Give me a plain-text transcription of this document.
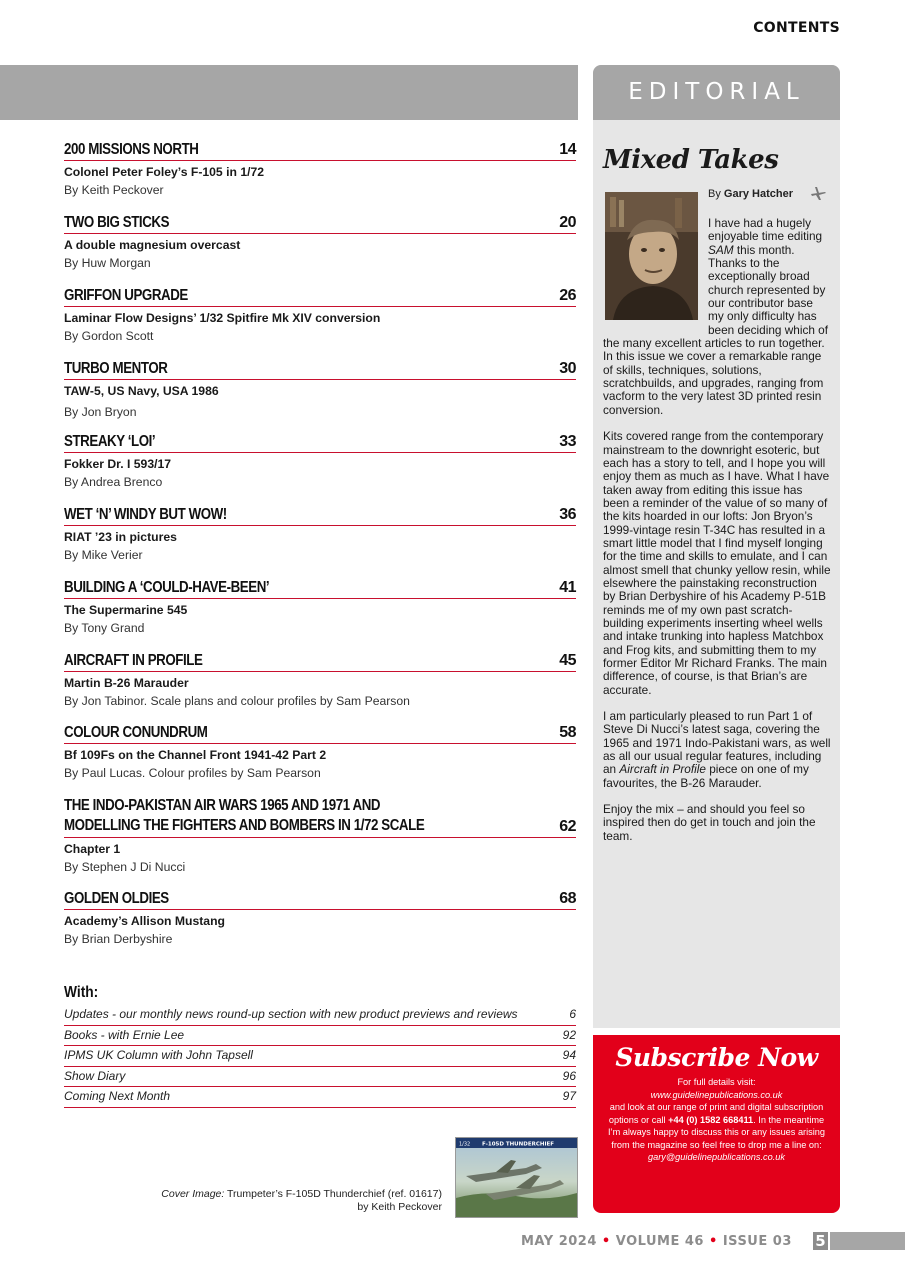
CONTENTS
200 MISSIONS NORTH	14
Colonel Peter Foley’s F-105 in 1/72
By Keith Peckover
TWO BIG STICKS	20
A double magnesium overcast
By Huw Morgan
GRIFFON UPGRADE	26
Laminar Flow Designs’ 1/32 Spitfire Mk XIV conversion
By Gordon Scott
TURBO MENTOR	30
TAW-5, US Navy, USA 1986
By Jon Bryon
STREAKY ‘LOI’	33
Fokker Dr. I 593/17
By Andrea Brenco
WET ‘N’ WINDY BUT WOW!	36
RIAT ’23 in pictures
By Mike Verier
BUILDING A ‘COULD-HAVE-BEEN’	41
The Supermarine 545
By Tony Grand
AIRCRAFT IN PROFILE	45
Martin B-26 Marauder
By Jon Tabinor. Scale plans and colour profiles by Sam Pearson
COLOUR CONUNDRUM	58
Bf 109Fs on the Channel Front 1941-42 Part 2
By Paul Lucas. Colour profiles by Sam Pearson
THE INDO-PAKISTAN AIR WARS 1965 AND 1971 AND MODELLING THE FIGHTERS AND BOMBERS IN 1/72 SCALE	62
Chapter 1
By Stephen J Di Nucci
GOLDEN OLDIES	68
Academy’s Allison Mustang
By Brian Derbyshire
With:
Updates - our monthly news round-up section with new product previews and reviews	6
Books - with Ernie Lee	92
IPMS UK Column with John Tapsell	94
Show Diary	96
Coming Next Month	97
Cover Image: Trumpeter’s F-105D Thunderchief (ref. 01617)
by Keith Peckover
1/32 F-105D THUNDERCHIEF
EDITORIAL
Mixed Takes
By Gary Hatcher

I have had a hugely enjoyable time editing SAM this month. Thanks to the exceptionally broad church represented by our contributor base my only difficulty has been deciding which of the many excellent articles to run together. In this issue we cover a remarkable range of skills, techniques, solutions, scratchbuilds, and upgrades, ranging from vacform to the very latest 3D printed resin conversion.

Kits covered range from the contemporary mainstream to the downright esoteric, but each has a story to tell, and I hope you will enjoy them as much as I have. What I have taken away from editing this issue has been a reminder of the value of so many of the kits hoarded in our lofts: Jon Bryon’s 1999-vintage resin T-34C has resulted in a smart little model that I find myself longing for the time and skills to emulate, and I can almost smell that chunky yellow resin, while elsewhere the painstaking reconstruction by Brian Derbyshire of his Academy P-51B reminds me of my own past scratch-building experiments inserting wheel wells and intake trunking into hapless Matchbox and Frog kits, and submitting them to my former Editor Mr Richard Franks. The main difference, of course, is that Brian’s are accurate.

I am particularly pleased to run Part 1 of Steve Di Nucci’s latest saga, covering the 1965 and 1971 Indo-Pakistani wars, as well as all our usual regular features, including an Aircraft in Profile piece on one of my favourites, the B-26 Marauder.

Enjoy the mix – and should you feel so inspired then do get in touch and join the team.

Subscribe Now
For full details visit:
www.guidelinepublications.co.uk
and look at our range of print and digital subscription options or call +44 (0) 1582 668411. In the meantime I’m always happy to discuss this or any issues arising from the magazine so feel free to drop me a line on:
gary@guidelinepublications.co.uk
MAY 2024 • VOLUME 46 • ISSUE 03 5
